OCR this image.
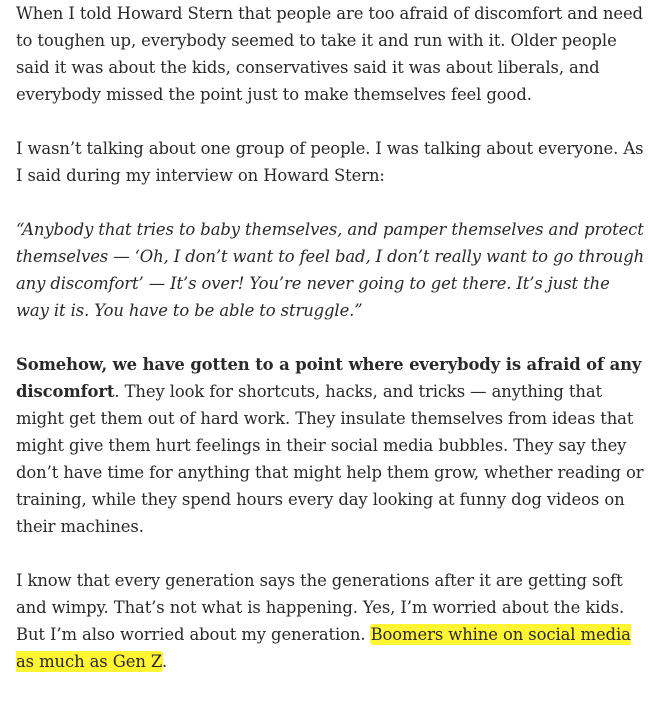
When I told Howard Stern that people are too afraid of discomfort and need to toughen up, everybody seemed to take it and run with it. Older people said it was about the kids, conservatives said it was about liberals, and everybody missed the point just to make themselves feel good.

I wasn’t talking about one group of people. I was talking about everyone. As I said during my interview on Howard Stern:

“Anybody that tries to baby themselves, and pamper themselves and protect themselves — ‘Oh, I don’t want to feel bad, I don’t really want to go through any discomfort’ — It’s over! You’re never going to get there. It’s just the way it is. You have to be able to struggle.”

Somehow, we have gotten to a point where everybody is afraid of any discomfort. They look for shortcuts, hacks, and tricks — anything that might get them out of hard work. They insulate themselves from ideas that might give them hurt feelings in their social media bubbles. They say they don’t have time for anything that might help them grow, whether reading or training, while they spend hours every day looking at funny dog videos on their machines.

I know that every generation says the generations after it are getting soft and wimpy. That’s not what is happening. Yes, I’m worried about the kids. But I’m also worried about my generation. Boomers whine on social media as much as Gen Z.
